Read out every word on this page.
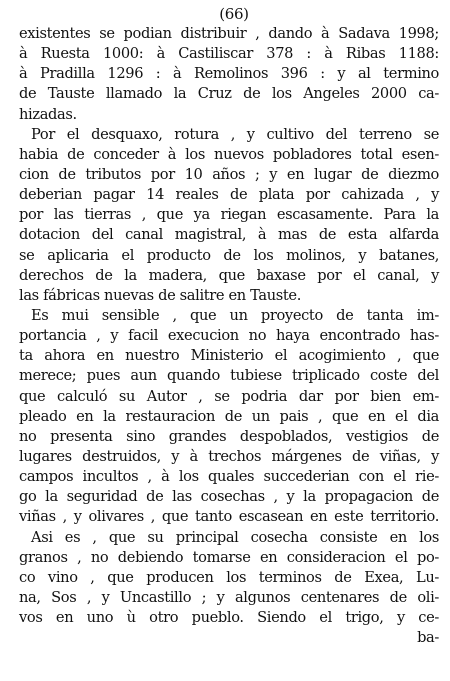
(66)
existentes se podian distribuir , dando à Sadava 1998;
à Ruesta 1000: à Castiliscar 378 : à Ribas 1188:
à Pradilla 1296 : à Remolinos 396 : y al termino
de Tauste llamado la Cruz de los Angeles 2000 ca-
hizadas.
Por el desquaxo, rotura , y cultivo del terreno se
habia de conceder à los nuevos pobladores total esen-
cion de tributos por 10 años ; y en lugar de diezmo
deberian pagar 14 reales de plata por cahizada , y
por las tierras , que ya riegan escasamente. Para la
dotacion del canal magistral, à mas de esta alfarda
se aplicaria el producto de los molinos, y batanes,
derechos de la madera, que baxase por el canal, y
las fábricas nuevas de salitre en Tauste.
Es mui sensible , que un proyecto de tanta im-
portancia , y facil execucion no haya encontrado has-
ta ahora en nuestro Ministerio el acogimiento , que
merece; pues aun quando tubiese triplicado coste del
que calculó su Autor , se podria dar por bien em-
pleado en la restauracion de un pais , que en el dia
no presenta sino grandes despoblados, vestigios de
lugares destruidos, y à trechos márgenes de viñas, y
campos incultos , à los quales succederian con el rie-
go la seguridad de las cosechas , y la propagacion de
viñas , y olivares , que tanto escasean en este territorio.
Asi es , que su principal cosecha consiste en los
granos , no debiendo tomarse en consideracion el po-
co vino , que producen los terminos de Exea, Lu-
na, Sos , y Uncastillo ; y algunos centenares de oli-
vos en uno ù otro pueblo. Siendo el trigo, y ce-
ba-
